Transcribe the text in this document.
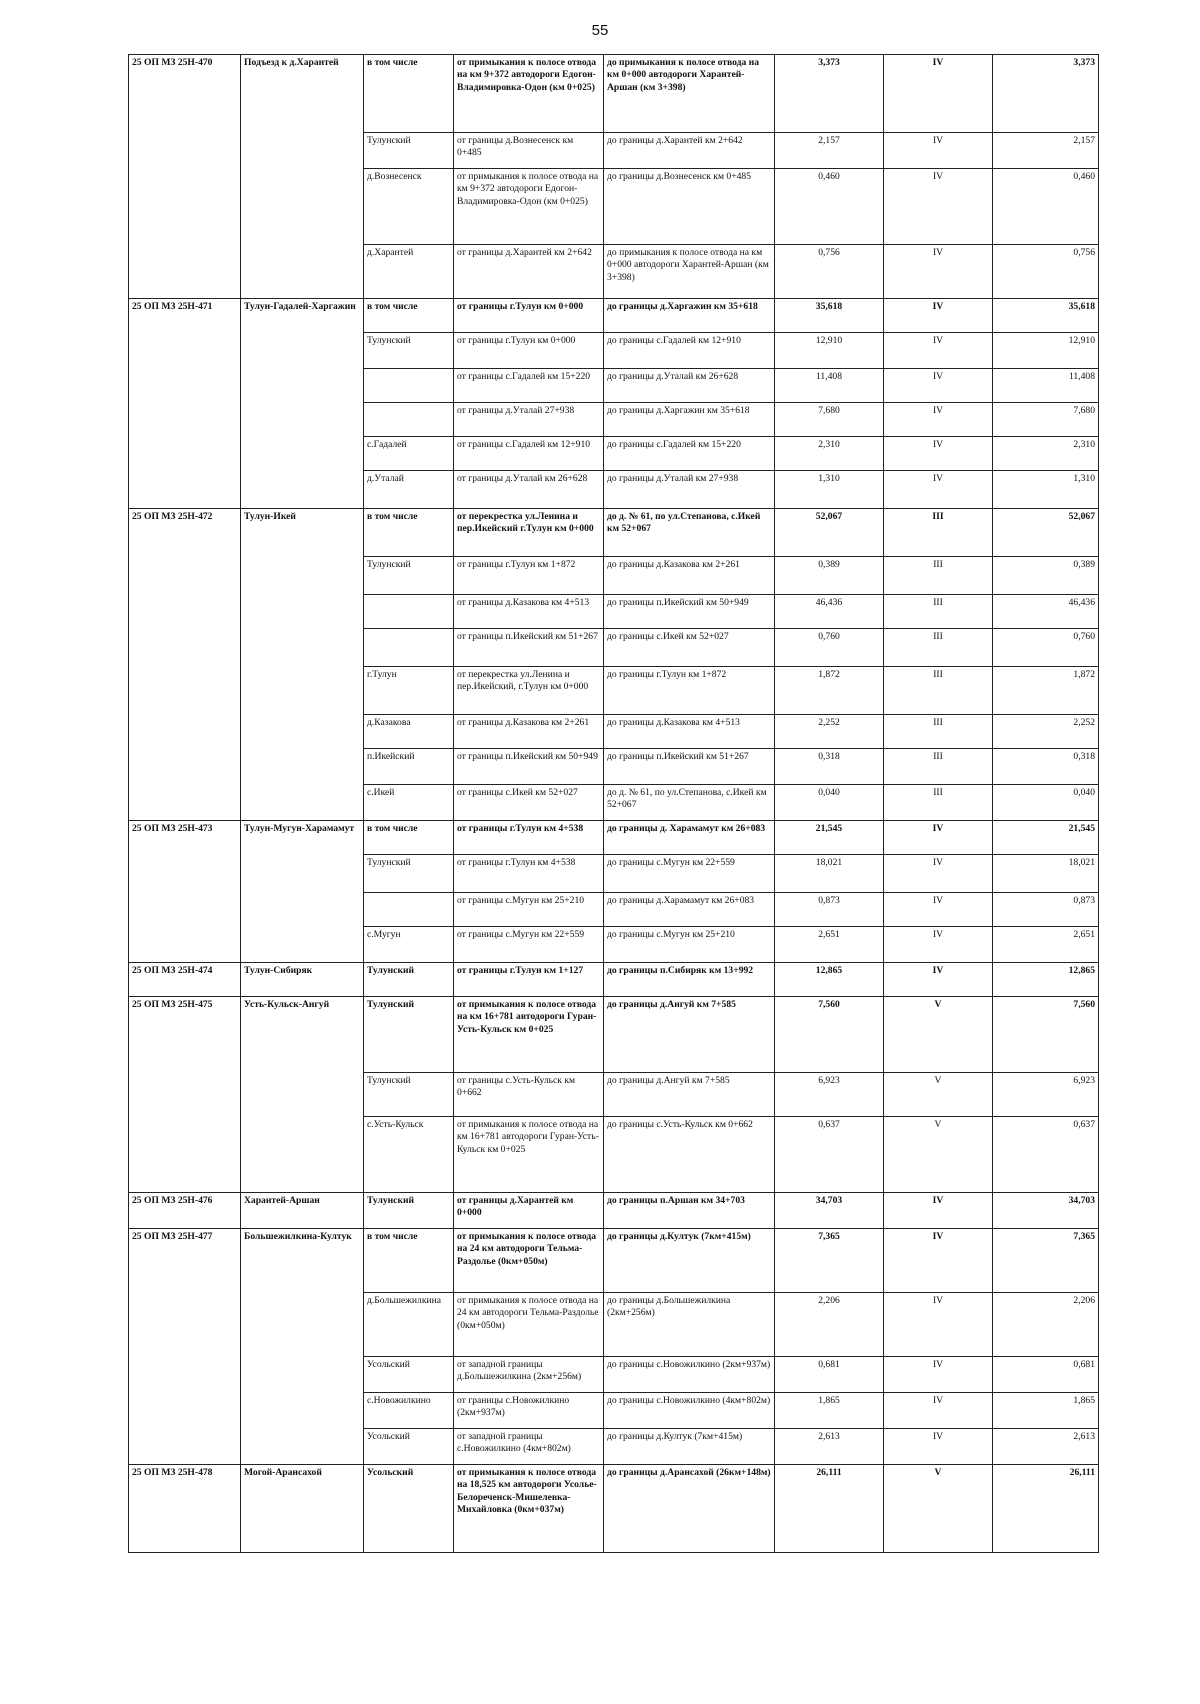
55
25 ОП МЗ 25Н-470	Подъезд к д.Харантей	в том числе	от примыкания к полосе отвода на км 9+372 автодороги Едогон-Владимировка-Одон (км 0+025)	до примыкания к полосе отвода на км 0+000 автодороги Харантей-Аршан (км 3+398)	3,373	IV	3,373
		Тулунский	от границы д.Вознесенск км 0+485	до границы д.Харантей км 2+642	2,157	IV	2,157
		д.Вознесенск	от примыкания к полосе отвода на км 9+372 автодороги Едогон-Владимировка-Одон (км 0+025)	до границы д.Вознесенск км 0+485	0,460	IV	0,460
		д.Харантей	от границы д.Харантей км 2+642	до примыкания к полосе отвода на км 0+000 автодороги Харантей-Аршан (км 3+398)	0,756	IV	0,756
25 ОП МЗ 25Н-471	Тулун-Гадалей-Харгажин	в том числе	от границы г.Тулун км 0+000	до границы д.Харгажин км 35+618	35,618	IV	35,618
		Тулунский	от границы г.Тулун км 0+000	до границы с.Гадалей км 12+910	12,910	IV	12,910
			от границы с.Гадалей км 15+220	до границы д.Уталай км 26+628	11,408	IV	11,408
			от границы д.Уталай 27+938	до границы д.Харгажин км 35+618	7,680	IV	7,680
		с.Гадалей	от границы с.Гадалей км 12+910	до границы с.Гадалей км 15+220	2,310	IV	2,310
		д.Уталай	от границы д.Уталай км 26+628	до границы д.Уталай км 27+938	1,310	IV	1,310
25 ОП МЗ 25Н-472	Тулун-Икей	в том числе	от перекрестка ул.Ленина и пер.Икейский г.Тулун км 0+000	до д. № 61, по ул.Степанова, с.Икей км 52+067	52,067	III	52,067
		Тулунский	от границы г.Тулун км 1+872	до границы д.Казакова км 2+261	0,389	III	0,389
			от границы д.Казакова км 4+513	до границы п.Икейский км 50+949	46,436	III	46,436
			от границы п.Икейский км 51+267	до границы с.Икей км 52+027	0,760	III	0,760
		г.Тулун	от перекрестка ул.Ленина и пер.Икейский, г.Тулун км 0+000	до границы г.Тулун км 1+872	1,872	III	1,872
		д.Казакова	от границы д.Казакова км 2+261	до границы д.Казакова км 4+513	2,252	III	2,252
		п.Икейский	от границы п.Икейский км 50+949	до границы п.Икейский км 51+267	0,318	III	0,318
		с.Икей	от границы с.Икей км 52+027	до д. № 61, по ул.Степанова, с.Икей км 52+067	0,040	III	0,040
25 ОП МЗ 25Н-473	Тулун-Мугун-Харамамут	в том числе	от границы г.Тулун км 4+538	до границы д. Харамамут км 26+083	21,545	IV	21,545
		Тулунский	от границы г.Тулун км 4+538	до границы с.Мугун км 22+559	18,021	IV	18,021
			от границы с.Мугун км 25+210	до границы д.Харамамут км 26+083	0,873	IV	0,873
		с.Мугун	от границы с.Мугун км 22+559	до границы с.Мугун км 25+210	2,651	IV	2,651
25 ОП МЗ 25Н-474	Тулун-Сибиряк	Тулунский	от границы г.Тулун км 1+127	до границы п.Сибиряк км 13+992	12,865	IV	12,865
25 ОП МЗ 25Н-475	Усть-Кульск-Ангуй	Тулунский	от примыкания к полосе отвода на км 16+781 автодороги Гуран-Усть-Кульск км 0+025	до границы д.Ангуй км 7+585	7,560	V	7,560
		Тулунский	от границы с.Усть-Кульск км 0+662	до границы д.Ангуй км 7+585	6,923	V	6,923
		с.Усть-Кульск	от примыкания к полосе отвода на км 16+781 автодороги Гуран-Усть-Кульск км 0+025	до границы с.Усть-Кульск км 0+662	0,637	V	0,637
25 ОП МЗ 25Н-476	Харантей-Аршан	Тулунский	от границы д.Харантей км 0+000	до границы п.Аршан км 34+703	34,703	IV	34,703
25 ОП МЗ 25Н-477	Большежилкина-Култук	в том числе	от примыкания к полосе отвода на 24 км автодороги Тельма-Раздолье (0км+050м)	до границы д.Култук (7км+415м)	7,365	IV	7,365
		д.Большежилкина	от примыкания к полосе отвода на 24 км автодороги Тельма-Раздолье (0км+050м)	до границы д.Большежилкина (2км+256м)	2,206	IV	2,206
		Усольский	от западной границы д.Большежилкина (2км+256м)	до границы с.Новожилкино (2км+937м)	0,681	IV	0,681
		с.Новожилкино	от границы с.Новожилкино (2км+937м)	до границы с.Новожилкино (4км+802м)	1,865	IV	1,865
		Усольский	от западной границы с.Новожилкино (4км+802м)	до границы д.Култук (7км+415м)	2,613	IV	2,613
25 ОП МЗ 25Н-478	Могой-Арансахой	Усольский	от примыкания к полосе отвода на 18,525 км автодороги Усолье-Белореченск-Мишелевка-Михайловка (0км+037м)	до границы д.Арансахой (26км+148м)	26,111	V	26,111
